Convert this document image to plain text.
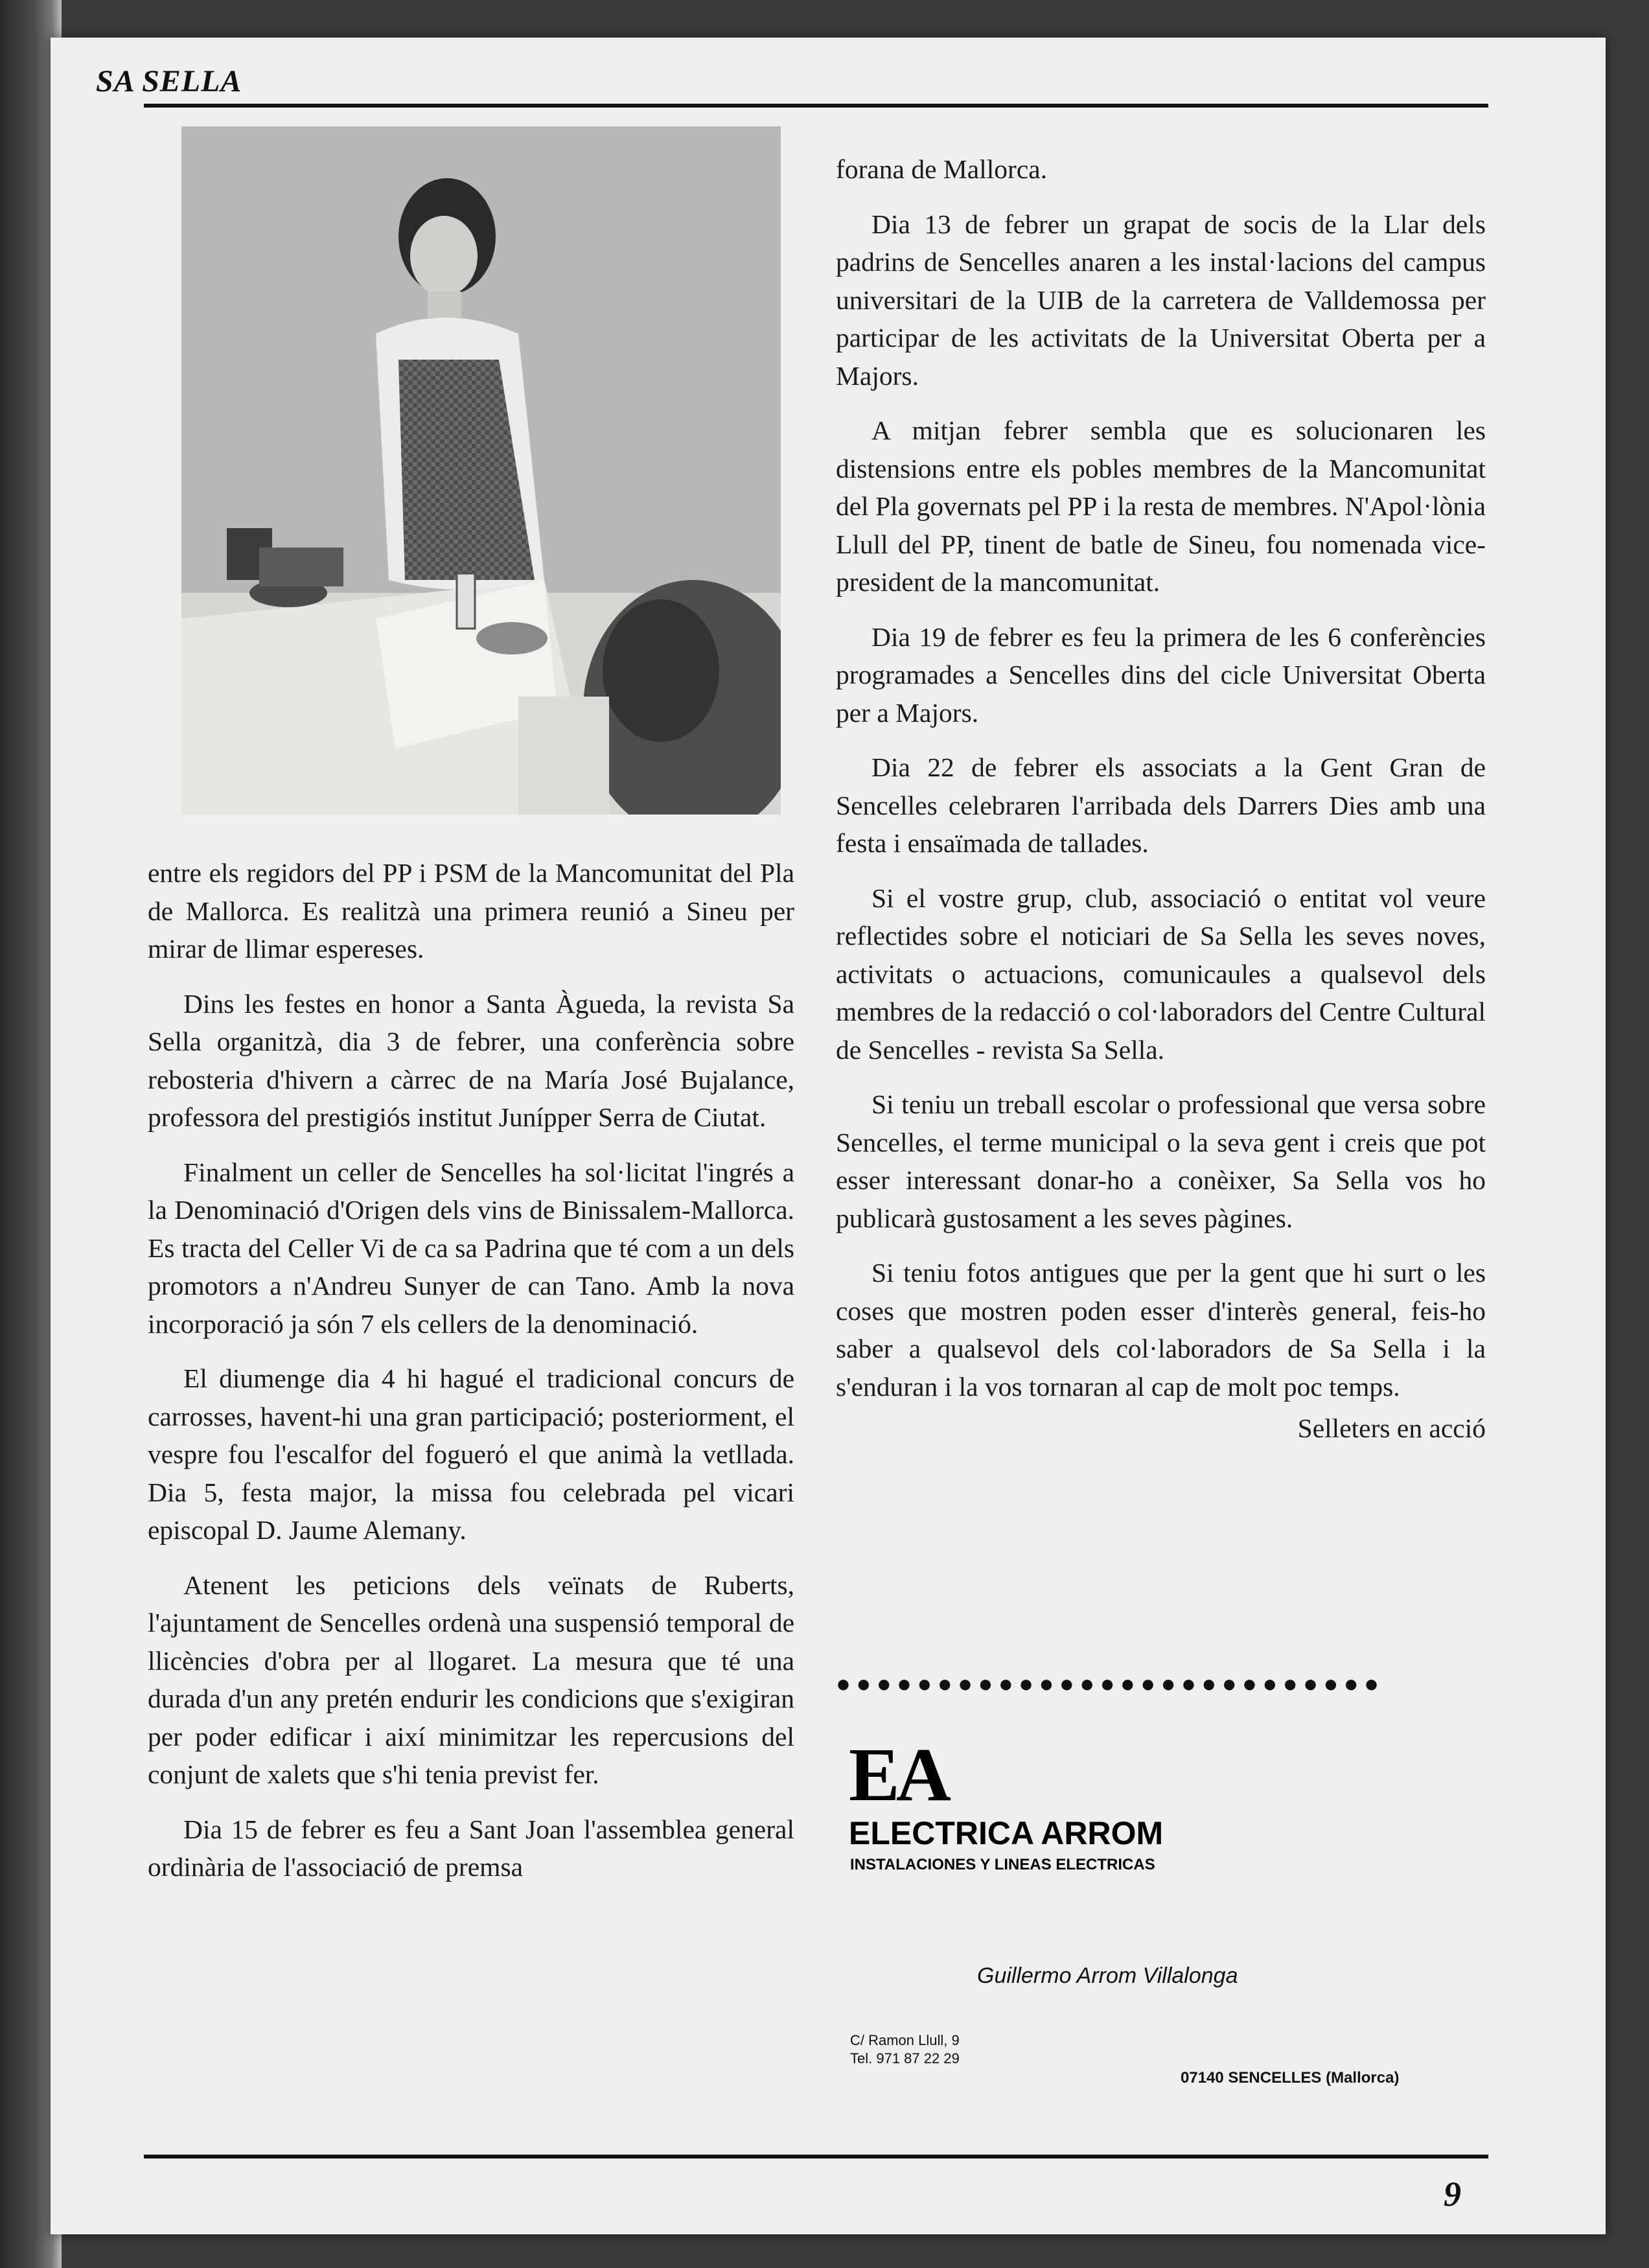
SA SELLA

entre els regidors del PP i PSM de la Mancomunitat del Pla de Mallorca. Es realitzà una primera reunió a Sineu per mirar de llimar espereses.

Dins les festes en honor a Santa Àgueda, la revista Sa Sella organitzà, dia 3 de febrer, una conferència sobre rebosteria d'hivern a càrrec de na María José Bujalance, professora del prestigiós institut Junípper Serra de Ciutat.

Finalment un celler de Sencelles ha sol·licitat l'ingrés a la Denominació d'Origen dels vins de Binissalem-Mallorca. Es tracta del Celler Vi de ca sa Padrina que té com a un dels promotors a n'Andreu Sunyer de can Tano. Amb la nova incorporació ja són 7 els cellers de la denominació.

El diumenge dia 4 hi hagué el tradicional concurs de carrosses, havent-hi una gran participació; posteriorment, el vespre fou l'escalfor del foguerό el que animà la vetllada. Dia 5, festa major, la missa fou celebrada pel vicari episcopal D. Jaume Alemany.

Atenent les peticions dels veïnats de Ruberts, l'ajuntament de Sencelles ordenà una suspensió temporal de llicències d'obra per al llogaret. La mesura que té una durada d'un any pretén endurir les condicions que s'exigiran per poder edificar i així minimitzar les repercusions del conjunt de xalets que s'hi tenia previst fer.

Dia 15 de febrer es feu a Sant Joan l'assemblea general ordinària de l'associació de premsa

forana de Mallorca.

Dia 13 de febrer un grapat de socis de la Llar dels padrins de Sencelles anaren a les instal·lacions del campus universitari de la UIB de la carretera de Valldemossa per participar de les activitats de la Universitat Oberta per a Majors.

A mitjan febrer sembla que es solucionaren les distensions entre els pobles membres de la Mancomunitat del Pla governats pel PP i la resta de membres. N'Apol·lònia Llull del PP, tinent de batle de Sineu, fou nomenada vice-president de la mancomunitat.

Dia 19 de febrer es feu la primera de les 6 conferències programades a Sencelles dins del cicle Universitat Oberta per a Majors.

Dia 22 de febrer els associats a la Gent Gran de Sencelles celebraren l'arribada dels Darrers Dies amb una festa i ensaïmada de tallades.

Si el vostre grup, club, associació o entitat vol veure reflectides sobre el noticiari de Sa Sella les seves noves, activitats o actuacions, comunicaules a qualsevol dels membres de la redacció o col·laboradors del Centre Cultural de Sencelles - revista Sa Sella.

Si teniu un treball escolar o professional que versa sobre Sencelles, el terme municipal o la seva gent i creis que pot esser interessant donar-ho a conèixer, Sa Sella vos ho publicarà gustosament a les seves pàgines.

Si teniu fotos antigues que per la gent que hi surt o les coses que mostren poden esser d'interès general, feis-ho saber a qualsevol dels col·laboradors de Sa Sella i la s'enduran i la vos tornaran al cap de molt poc temps.

Selleters en acció
●●●●●●●●●●●●●●●●●●●●●●●●●●●
EA
ELECTRICA ARROM
INSTALACIONES Y LINEAS ELECTRICAS
Guillermo Arrom Villalonga
C/ Ramon Llull, 9
Tel. 971 87 22 29
07140 SENCELLES (Mallorca)
9
